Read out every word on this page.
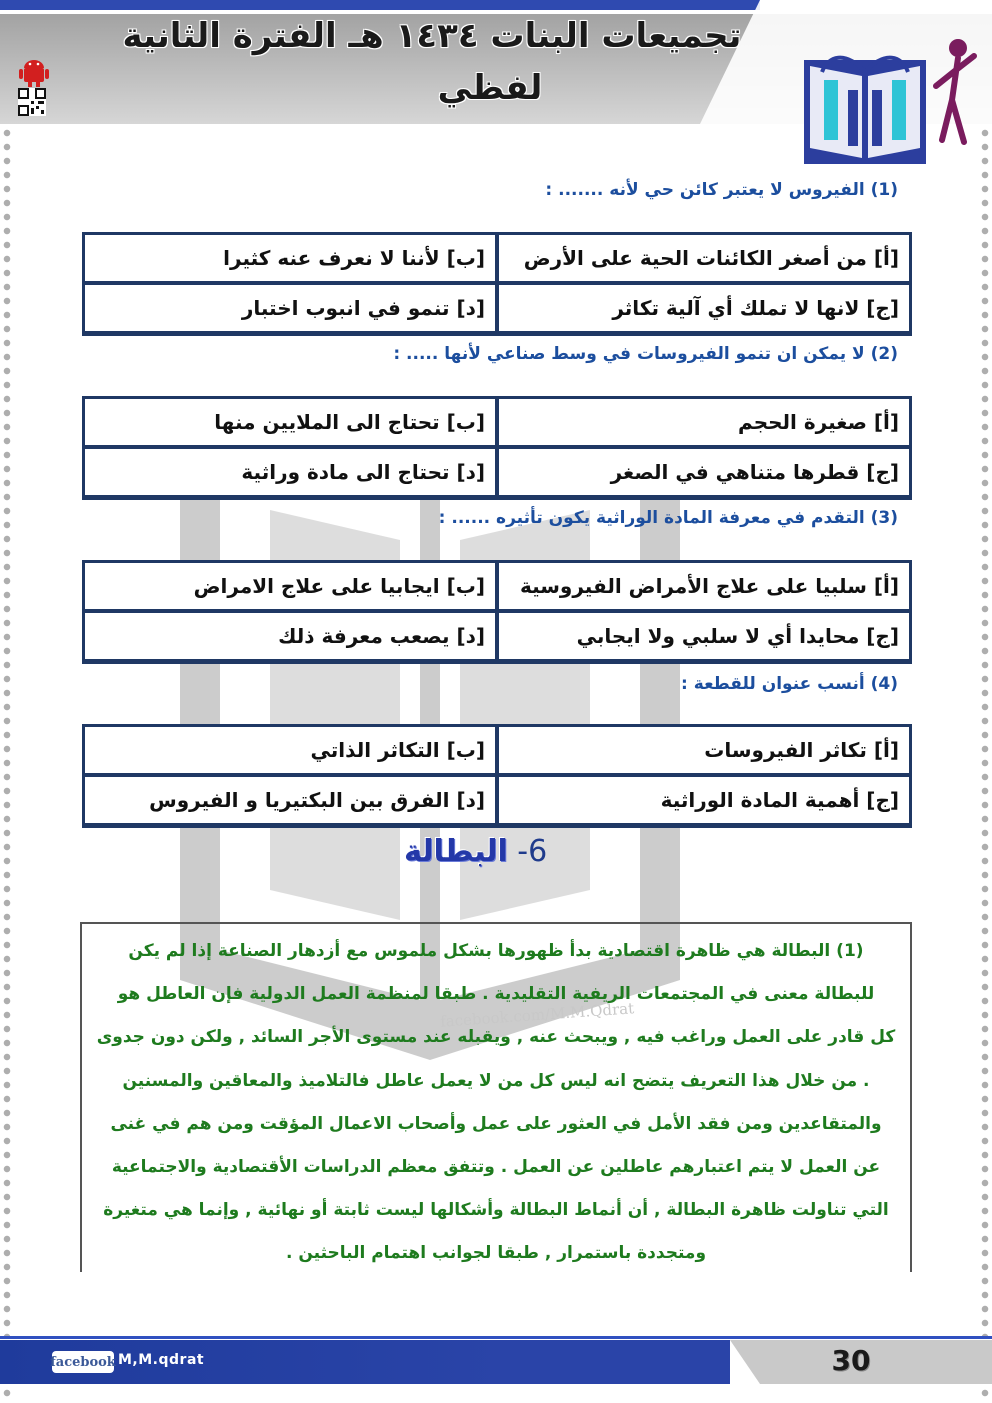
تجميعات البنات ١٤٣٤ هـ الفترة الثانية
لفظي
(1) الفيروس لا يعتبر كائن حي لأنه ....... :
[أ] من أصغر الكائنات الحية على الأرض
[ب] لأننا لا نعرف عنه كثيرا
[ج] لانها لا تملك أي آلية تكاثر
[د] تنمو في انبوب اختبار
(2) لا يمكن ان تنمو الفيروسات في وسط صناعي لأنها ..... :
[أ] صغيرة الحجم
[ب] تحتاج الى الملايين منها
[ج] قطرها متناهي في الصغر
[د] تحتاج الى مادة وراثية
(3) التقدم في معرفة المادة الوراثية يكون تأثيره ...... :
[أ] سلبيا على علاج الأمراض الفيروسية
[ب] ايجابيا على علاج الامراض
[ج] محايدا أي لا سلبي ولا ايجابي
[د] يصعب معرفة ذلك
(4) أنسب عنوان للقطعة :
[أ] تكاثر الفيروسات
[ب] التكاثر الذاتي
[ج] أهمية المادة الوراثية
[د] الفرق بين البكتيريا و الفيروس
6- البطالة
(1) البطالة هي ظاهرة اقتصادية بدأ ظهورها بشكل ملموس مع أزدهار الصناعة إذا لم يكن
للبطالة معنى في المجتمعات الريفية التقليدية . طبقا لمنظمة العمل الدولية فإن العاطل هو
كل قادر على العمل وراغب فيه , ويبحث عنه , ويقبله عند مستوى الأجر السائد , ولكن دون جدوى
. من خلال هذا التعريف يتضح انه ليس كل من لا يعمل عاطل فالتلاميذ والمعاقين والمسنين
والمتقاعدين ومن فقد الأمل في العثور على عمل وأصحاب الاعمال المؤقت ومن هم في غنى
عن العمل لا يتم اعتبارهم عاطلين عن العمل . وتتفق معظم الدراسات الأقتصادية والاجتماعية
التي تناولت ظاهرة البطالة , أن أنماط البطالة وأشكالها ليست ثابتة أو نهائية , وإنما هي متغيرة
ومتجددة باستمرار , طبقا لجوانب اهتمام الباحثين .
facebook.com/M.M.Qdrat
facebook M,M.qdrat	30
